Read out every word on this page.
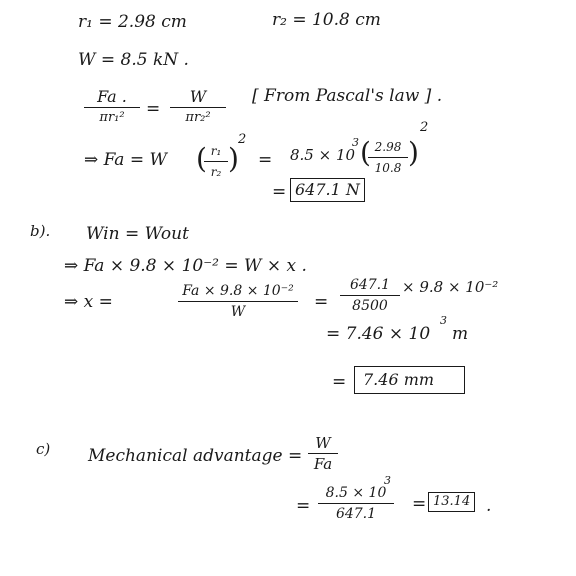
r₁ = 2.98 cm	r₂ = 10.8 cm
W = 8.5 kN .
Fa .
πr₁²	=
W
πr₂²
[ From Pascal's law ] .
⇒ Fa = W ( r₁
r₂ )
2
= 8.5 × 10
3 ( 2.98
10.8 )
2
= 647.1 N
b). Win = Wout
⇒ Fa × 9.8 × 10⁻² = W × x .
⇒ x =
Fa × 9.8 × 10⁻²
W	=
647.1
8500
× 9.8 × 10⁻²
= 7.46 × 10
3
m
=	7.46 mm
c) Mechanical advantage =
W
Fa
=
8.5 × 10
647.1
3
= 13.14 .
